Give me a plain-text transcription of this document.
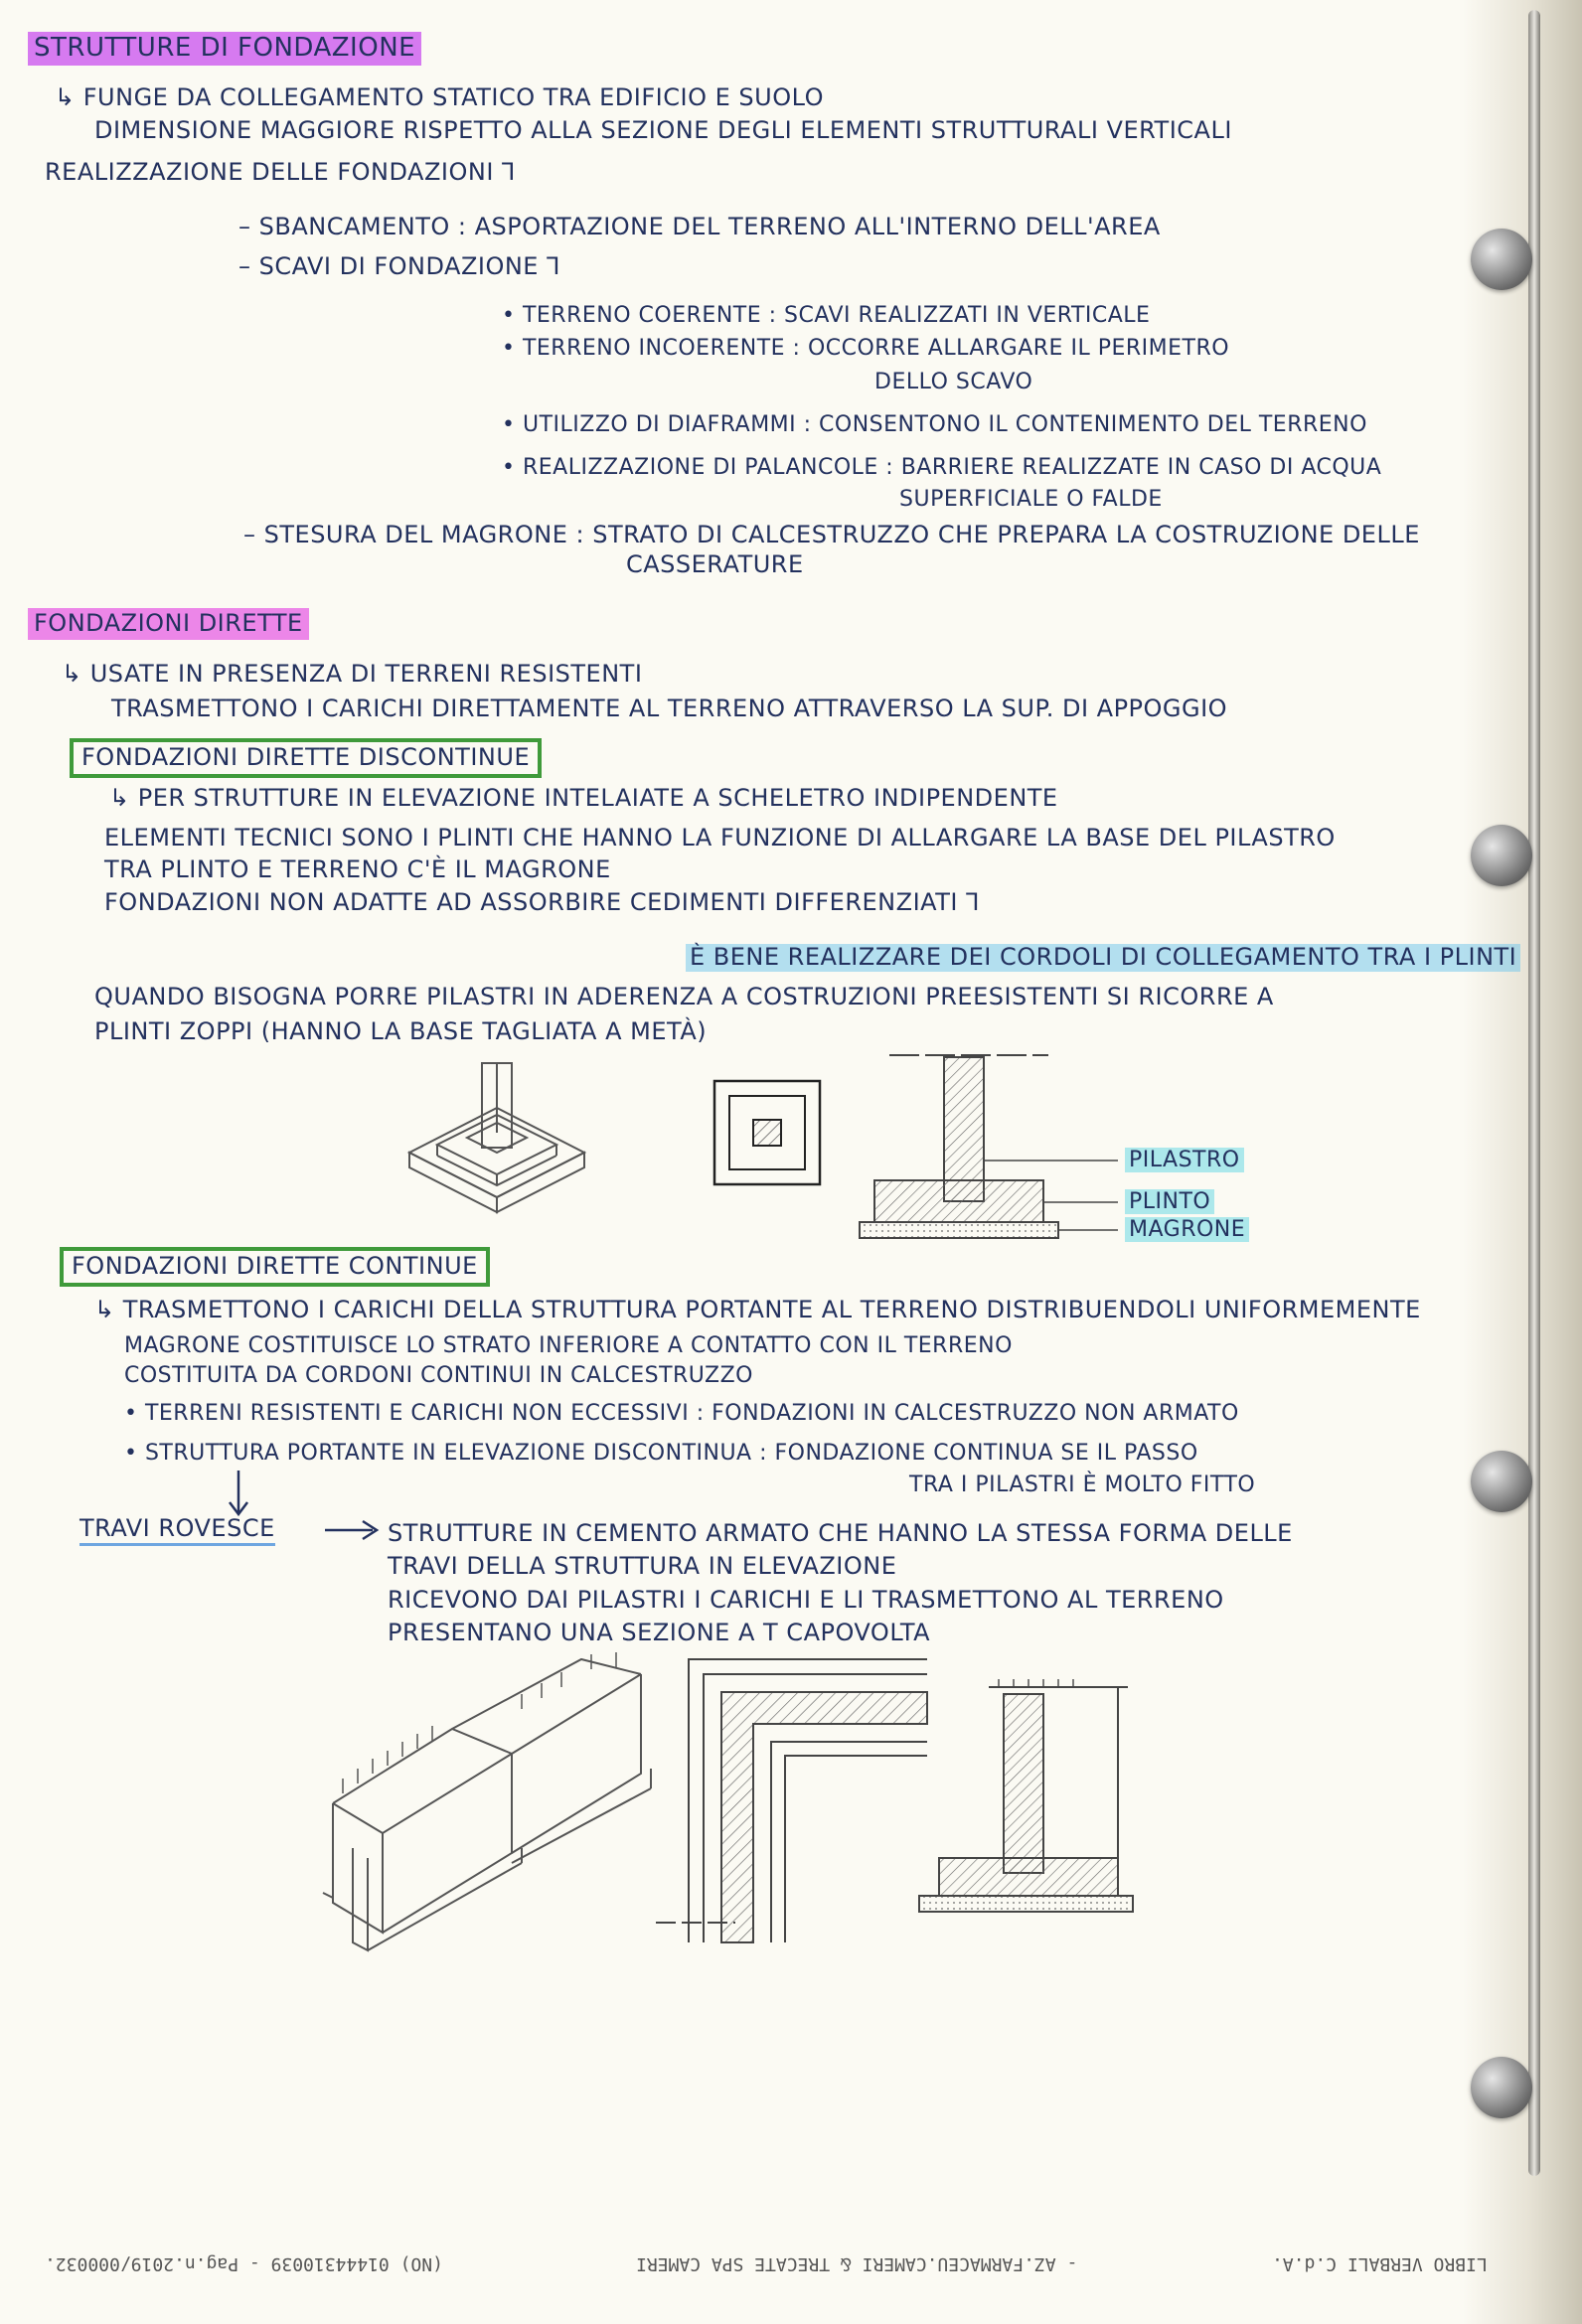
STRUTTURE DI FONDAZIONE
↳ FUNGE DA COLLEGAMENTO STATICO TRA EDIFICIO E SUOLO
DIMENSIONE MAGGIORE RISPETTO ALLA SEZIONE DEGLI ELEMENTI STRUTTURALI VERTICALI
REALIZZAZIONE DELLE FONDAZIONI ⅂
– SBANCAMENTO : ASPORTAZIONE DEL TERRENO ALL'INTERNO DELL'AREA
– SCAVI DI FONDAZIONE ⅂
• TERRENO COERENTE : SCAVI REALIZZATI IN VERTICALE
• TERRENO INCOERENTE : OCCORRE ALLARGARE IL PERIMETRO
DELLO SCAVO
• UTILIZZO DI DIAFRAMMI : CONSENTONO IL CONTENIMENTO DEL TERRENO
• REALIZZAZIONE DI PALANCOLE : BARRIERE REALIZZATE IN CASO DI ACQUA
SUPERFICIALE O FALDE
– STESURA DEL MAGRONE : STRATO DI CALCESTRUZZO CHE PREPARA LA COSTRUZIONE DELLE
CASSERATURE
FONDAZIONI DIRETTE
↳ USATE IN PRESENZA DI TERRENI RESISTENTI
TRASMETTONO I CARICHI DIRETTAMENTE AL TERRENO ATTRAVERSO LA SUP. DI APPOGGIO
FONDAZIONI DIRETTE DISCONTINUE
↳ PER STRUTTURE IN ELEVAZIONE INTELAIATE A SCHELETRO INDIPENDENTE
ELEMENTI TECNICI SONO I PLINTI CHE HANNO LA FUNZIONE DI ALLARGARE LA BASE DEL PILASTRO
TRA PLINTO E TERRENO C'È IL MAGRONE
FONDAZIONI NON ADATTE AD ASSORBIRE CEDIMENTI DIFFERENZIATI ⅂
È BENE REALIZZARE DEI CORDOLI DI COLLEGAMENTO TRA I PLINTI
QUANDO BISOGNA PORRE PILASTRI IN ADERENZA A COSTRUZIONI PREESISTENTI SI RICORRE A
PLINTI ZOPPI (HANNO LA BASE TAGLIATA A METÀ)
PILASTRO
PLINTO
MAGRONE
FONDAZIONI DIRETTE CONTINUE
↳ TRASMETTONO I CARICHI DELLA STRUTTURA PORTANTE AL TERRENO DISTRIBUENDOLI UNIFORMEMENTE
MAGRONE COSTITUISCE LO STRATO INFERIORE A CONTATTO CON IL TERRENO
COSTITUITA DA CORDONI CONTINUI IN CALCESTRUZZO
• TERRENI RESISTENTI E CARICHI NON ECCESSIVI : FONDAZIONI IN CALCESTRUZZO NON ARMATO
• STRUTTURA PORTANTE IN ELEVAZIONE DISCONTINUA : FONDAZIONE CONTINUA SE IL PASSO
TRA I PILASTRI È MOLTO FITTO
TRAVI ROVESCE	STRUTTURE IN CEMENTO ARMATO CHE HANNO LA STESSA FORMA DELLE
TRAVI DELLA STRUTTURA IN ELEVAZIONE
RICEVONO DAI PILASTRI I CARICHI E LI TRASMETTONO AL TERRENO
PRESENTANO UNA SEZIONE A T CAPOVOLTA
(NO) 01444310039 - Pag.n.2019/000032.	- AZ.FARMACEU.CAMERI & TRECATE SPA CAMERI	LIBRO VERBALI C.d.A.
